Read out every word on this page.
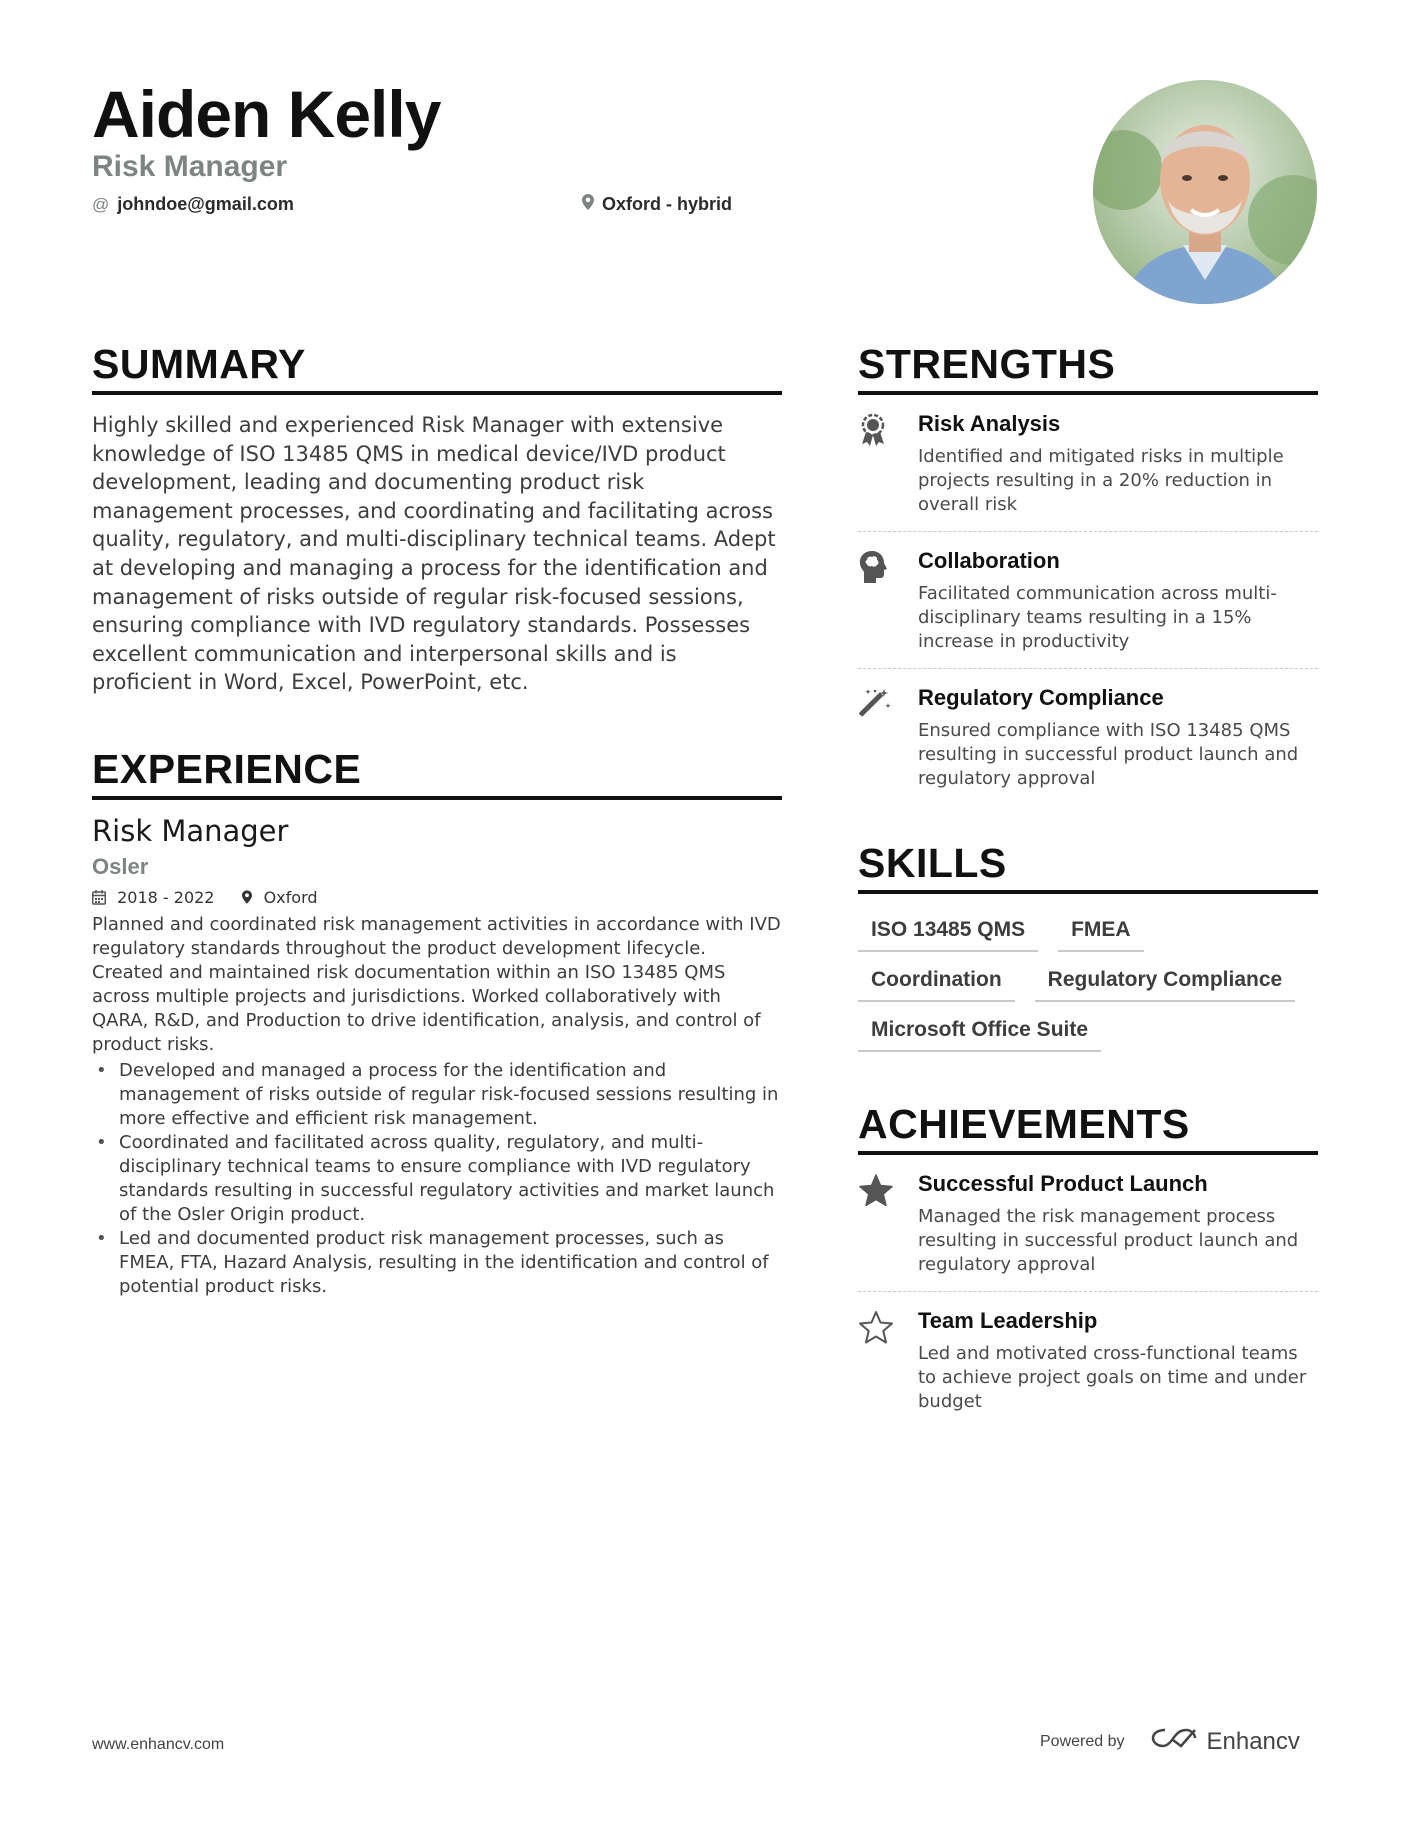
Aiden Kelly
Risk Manager
@ johndoe@gmail.com	Oxford - hybrid
SUMMARY

Highly skilled and experienced Risk Manager with extensive knowledge of ISO 13485 QMS in medical device/IVD product development, leading and documenting product risk management processes, and coordinating and facilitating across quality, regulatory, and multi-disciplinary technical teams. Adept at developing and managing a process for the identification and management of risks outside of regular risk-focused sessions, ensuring compliance with IVD regulatory standards. Possesses excellent communication and interpersonal skills and is proficient in Word, Excel, PowerPoint, etc.

EXPERIENCE
Risk Manager
Osler
2018 - 2022	Oxford

Planned and coordinated risk management activities in accordance with IVD regulatory standards throughout the product development lifecycle. Created and maintained risk documentation within an ISO 13485 QMS across multiple projects and jurisdictions. Worked collaboratively with QARA, R&D, and Production to drive identification, analysis, and control of product risks.

• Developed and managed a process for the identification and management of risks outside of regular risk-focused sessions resulting in more effective and efficient risk management.
• Coordinated and facilitated across quality, regulatory, and multi-disciplinary technical teams to ensure compliance with IVD regulatory standards resulting in successful regulatory activities and market launch of the Osler Origin product.
• Led and documented product risk management processes, such as FMEA, FTA, Hazard Analysis, resulting in the identification and control of potential product risks.
STRENGTHS
Risk Analysis
Identified and mitigated risks in multiple projects resulting in a 20% reduction in overall risk
Collaboration
Facilitated communication across multi-disciplinary teams resulting in a 15% increase in productivity
Regulatory Compliance
Ensured compliance with ISO 13485 QMS resulting in successful product launch and regulatory approval
SKILLS
ISO 13485 QMS	FMEA
Coordination	Regulatory Compliance
Microsoft Office Suite
ACHIEVEMENTS
Successful Product Launch
Managed the risk management process resulting in successful product launch and regulatory approval
Team Leadership
Led and motivated cross-functional teams to achieve project goals on time and under budget
www.enhancv.com	Powered by	Enhancv
